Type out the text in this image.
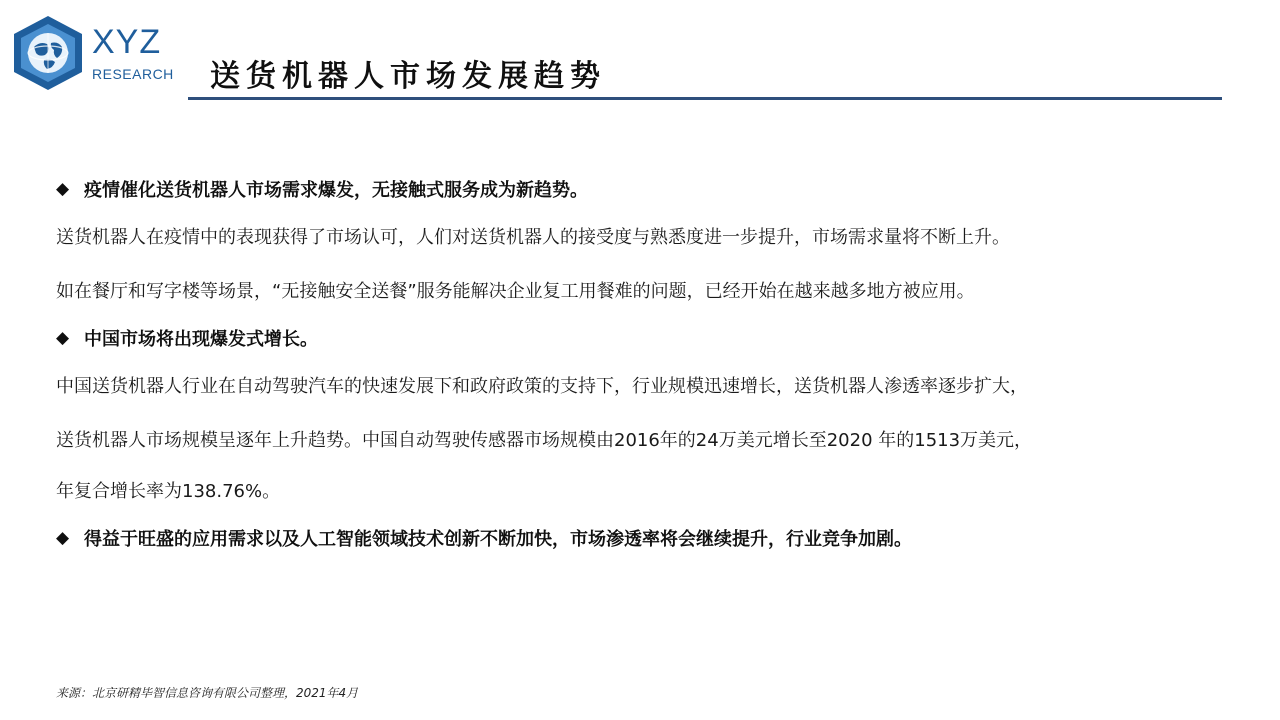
XYZ
RESEARCH 送货机器人市场发展趋势
◆ 疫情催化送货机器人市场需求爆发，无接触式服务成为新趋势。
送货机器人在疫情中的表现获得了市场认可，人们对送货机器人的接受度与熟悉度进一步提升，市场需求量将不断上升。
如在餐厅和写字楼等场景，“无接触安全送餐”服务能解决企业复工用餐难的问题，已经开始在越来越多地方被应用。
◆ 中国市场将出现爆发式增长。
中国送货机器人行业在自动驾驶汽车的快速发展下和政府政策的支持下，行业规模迅速增长，送货机器人渗透率逐步扩大，
送货机器人市场规模呈逐年上升趋势。中国自动驾驶传感器市场规模由2016年的24万美元增长至2020 年的1513万美元，
年复合增长率为138.76%。
◆ 得益于旺盛的应用需求以及人工智能领域技术创新不断加快，市场渗透率将会继续提升，行业竞争加剧。
来源：北京研精毕智信息咨询有限公司整理，2021年4月
